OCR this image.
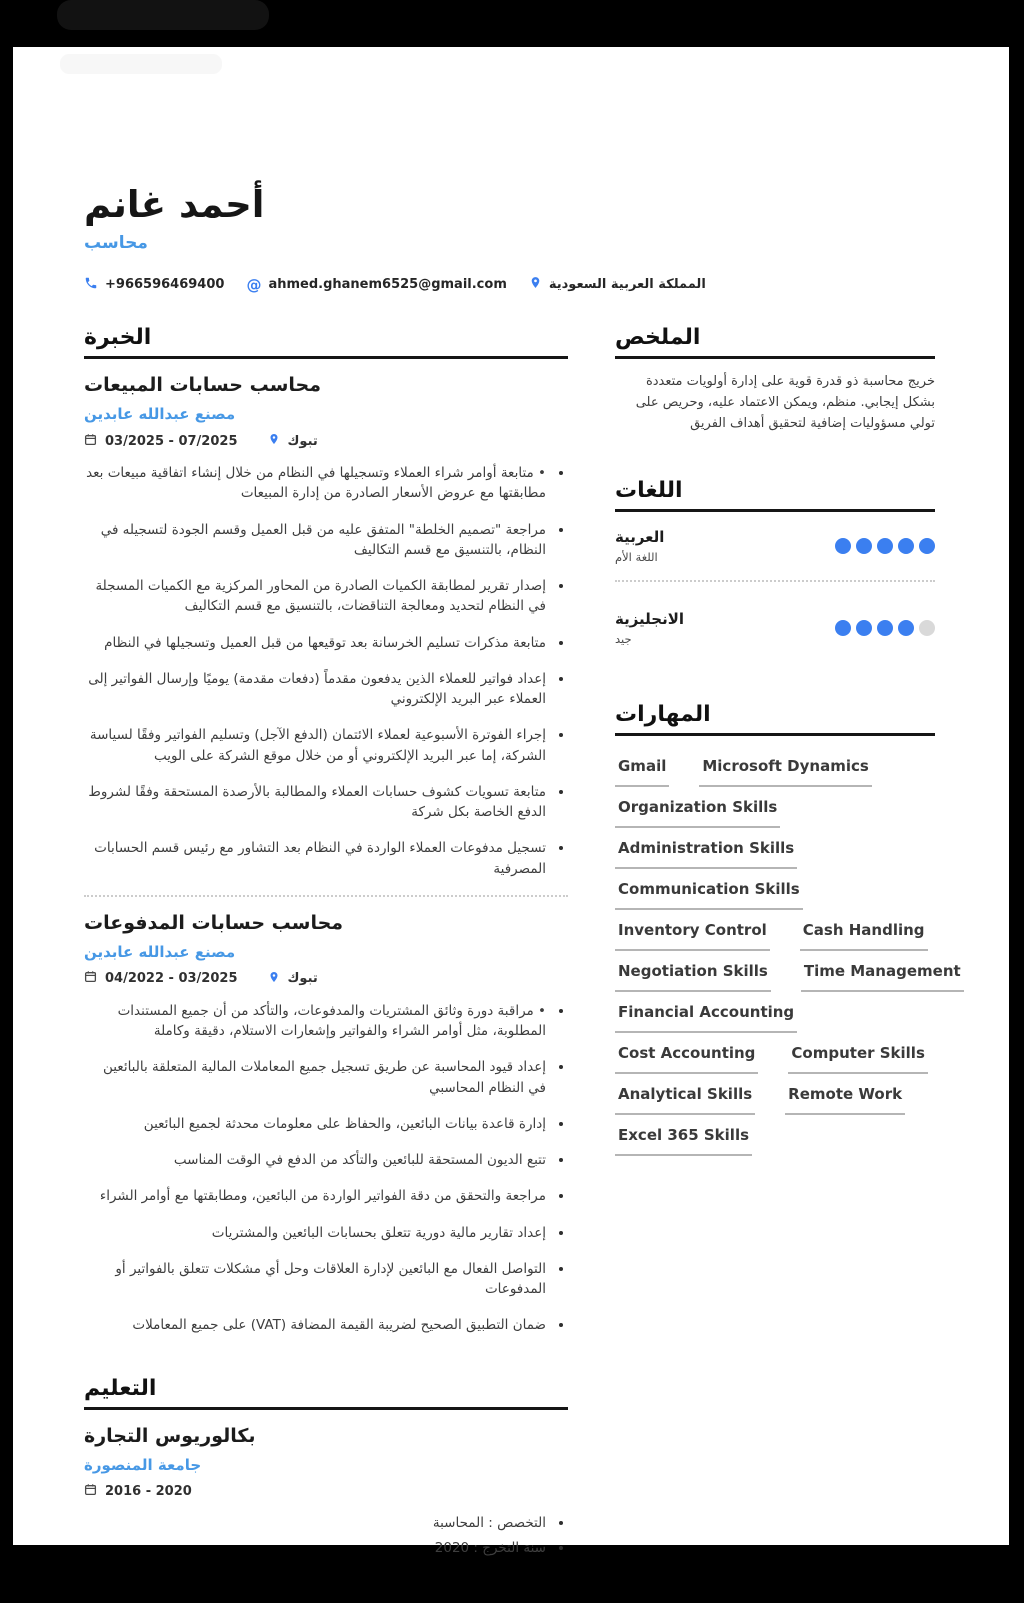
أحمد غانم
محاسب
+966596469400 @ ahmed.ghanem6525@gmail.com	المملكة العربية السعودية
الخبرة
محاسب حسابات المبيعات
مصنع عبدالله عابدين
03/2025 - 07/2025	تبوك
• • متابعة أوامر شراء العملاء وتسجيلها في النظام من خلال إنشاء اتفاقية مبيعات بعد مطابقتها مع عروض الأسعار الصادرة من إدارة المبيعات
• مراجعة "تصميم الخلطة" المتفق عليه من قبل العميل وقسم الجودة لتسجيله في النظام، بالتنسيق مع قسم التكاليف
• إصدار تقرير لمطابقة الكميات الصادرة من المحاور المركزية مع الكميات المسجلة في النظام لتحديد ومعالجة التناقضات، بالتنسيق مع قسم التكاليف
• متابعة مذكرات تسليم الخرسانة بعد توقيعها من قبل العميل وتسجيلها في النظام
• إعداد فواتير للعملاء الذين يدفعون مقدماً (دفعات مقدمة) يوميًا وإرسال الفواتير إلى العملاء عبر البريد الإلكتروني
• إجراء الفوترة الأسبوعية لعملاء الائتمان (الدفع الآجل) وتسليم الفواتير وفقًا لسياسة الشركة، إما عبر البريد الإلكتروني أو من خلال موقع الشركة على الويب
• متابعة تسويات كشوف حسابات العملاء والمطالبة بالأرصدة المستحقة وفقًا لشروط الدفع الخاصة بكل شركة
• تسجيل مدفوعات العملاء الواردة في النظام بعد التشاور مع رئيس قسم الحسابات المصرفية
محاسب حسابات المدفوعات
مصنع عبدالله عابدين
04/2022 - 03/2025	تبوك
• • مراقبة دورة وثائق المشتريات والمدفوعات، والتأكد من أن جميع المستندات المطلوبة، مثل أوامر الشراء والفواتير وإشعارات الاستلام، دقيقة وكاملة
• إعداد قيود المحاسبة عن طريق تسجيل جميع المعاملات المالية المتعلقة بالبائعين في النظام المحاسبي
• إدارة قاعدة بيانات البائعين، والحفاظ على معلومات محدثة لجميع البائعين
• تتبع الديون المستحقة للبائعين والتأكد من الدفع في الوقت المناسب
• مراجعة والتحقق من دقة الفواتير الواردة من البائعين، ومطابقتها مع أوامر الشراء
• إعداد تقارير مالية دورية تتعلق بحسابات البائعين والمشتريات
• التواصل الفعال مع البائعين لإدارة العلاقات وحل أي مشكلات تتعلق بالفواتير أو المدفوعات
• ضمان التطبيق الصحيح لضريبة القيمة المضافة (VAT) على جميع المعاملات
التعليم
بكالوريوس التجارة
جامعة المنصورة
2016 - 2020
• التخصص : المحاسبة
• سنة التخرج : 2020
الملخص

خريج محاسبة ذو قدرة قوية على إدارة أولويات متعددة بشكل إيجابي. منظم، ويمكن الاعتماد عليه، وحريص على تولي مسؤوليات إضافية لتحقيق أهداف الفريق

اللغات
العربية
اللغة الأم
الانجليزية
جيد
المهارات
Gmail Microsoft Dynamics
Organization Skills
Administration Skills
Communication Skills
Inventory Control Cash Handling
Negotiation Skills Time Management
Financial Accounting
Cost Accounting Computer Skills
Analytical Skills Remote Work
Excel 365 Skills
